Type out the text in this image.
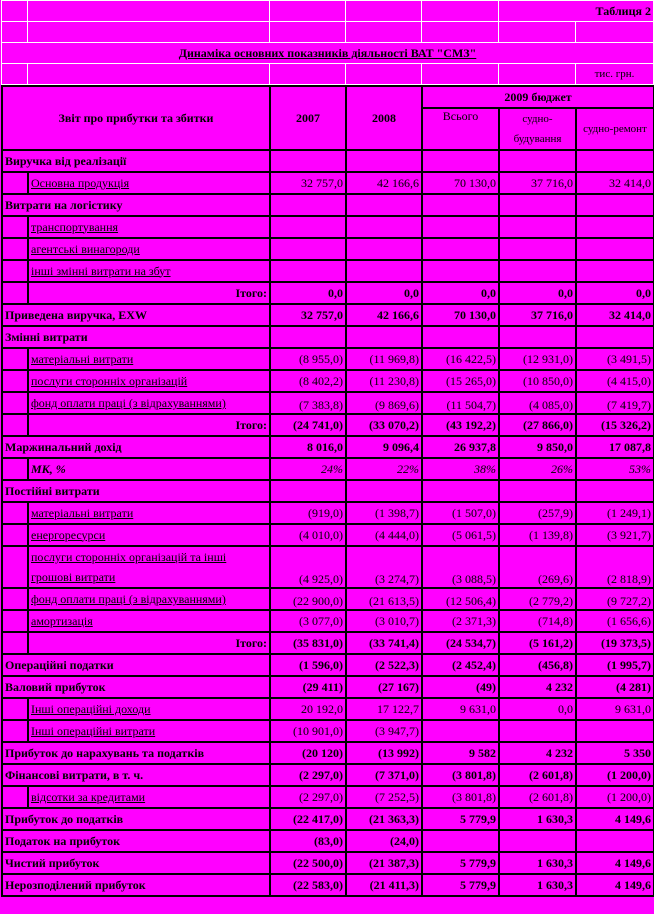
					Таблиця 2	

Динаміка основних показників діяльності ВАТ "СМЗ"						
						тис. грн.
Звіт про прибутки та збитки		2007	2008	2009 бюджет		
				Всього	судно-будування	судно-ремонт

Виручка від реалізації						
	Основна продукція	32 757,0	42 166,6	70 130,0	37 716,0	32 414,0
Витрати на логістику						
	транспортування					
	агентські винагороди					
	інші змінні витрати на збут					
	Ітого:	0,0	0,0	0,0	0,0	0,0
Приведена виручка, EXW		32 757,0	42 166,6	70 130,0	37 716,0	32 414,0
Змінні витрати						
	матеріальні витрати	(8 955,0)	(11 969,8)	(16 422,5)	(12 931,0)	(3 491,5)
	послуги сторонніх організацій	(8 402,2)	(11 230,8)	(15 265,0)	(10 850,0)	(4 415,0)
	фонд оплати праці (з відрахуваннями)	(7 383,8)	(9 869,6)	(11 504,7)	(4 085,0)	(7 419,7)
	Ітого:	(24 741,0)	(33 070,2)	(43 192,2)	(27 866,0)	(15 326,2)
Маржинальний дохід		8 016,0	9 096,4	26 937,8	9 850,0	17 087,8
	МК, %	24%	22%	38%	26%	53%
Постійні витрати						
	матеріальні витрати	(919,0)	(1 398,7)	(1 507,0)	(257,9)	(1 249,1)
	енергоресурси	(4 010,0)	(4 444,0)	(5 061,5)	(1 139,8)	(3 921,7)
	послуги сторонніх організацій та інші грошові витрати	(4 925,0)	(3 274,7)	(3 088,5)	(269,6)	(2 818,9)
	фонд оплати праці (з відрахуваннями)	(22 900,0)	(21 613,5)	(12 506,4)	(2 779,2)	(9 727,2)
	амортизація	(3 077,0)	(3 010,7)	(2 371,3)	(714,8)	(1 656,6)
	Ітого:	(35 831,0)	(33 741,4)	(24 534,7)	(5 161,2)	(19 373,5)
Операційні податки		(1 596,0)	(2 522,3)	(2 452,4)	(456,8)	(1 995,7)
Валовий прибуток		(29 411)	(27 167)	(49)	4 232	(4 281)
	Інші операційні доходи	20 192,0	17 122,7	9 631,0	0,0	9 631,0
	Інші операційні витрати	(10 901,0)	(3 947,7)			
Прибуток до нарахувань та податків		(20 120)	(13 992)	9 582	4 232	5 350
Фінансові витрати, в т. ч.		(2 297,0)	(7 371,0)	(3 801,8)	(2 601,8)	(1 200,0)
	відсотки за кредитами	(2 297,0)	(7 252,5)	(3 801,8)	(2 601,8)	(1 200,0)
Прибуток до податків		(22 417,0)	(21 363,3)	5 779,9	1 630,3	4 149,6
Податок на прибуток		(83,0)	(24,0)			
Чистий прибуток		(22 500,0)	(21 387,3)	5 779,9	1 630,3	4 149,6
Нерозподілений прибуток		(22 583,0)	(21 411,3)	5 779,9	1 630,3	4 149,6
